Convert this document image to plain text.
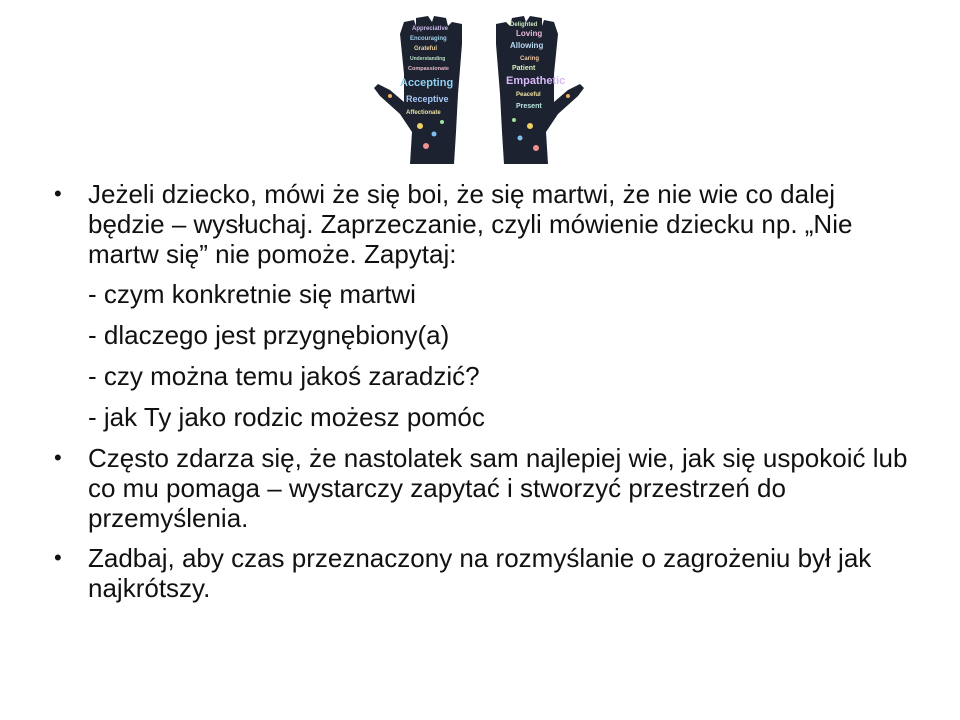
Appreciative
Encouraging
Grateful
Understanding
Compassionate
Accepting
Receptive
Affectionate
Delighted
Loving
Allowing
Caring
Patient
Empathetic
Peaceful
Present
• Jeżeli dziecko, mówi że się boi, że się martwi, że nie wie co dalej będzie – wysłuchaj. Zaprzeczanie, czyli mówienie dziecku np. „Nie martw się” nie pomoże. Zapytaj:
- czym konkretnie się martwi
- dlaczego jest przygnębiony(a)
- czy można temu jakoś zaradzić?
- jak Ty jako rodzic możesz pomóc
• Często zdarza się, że nastolatek sam najlepiej wie, jak się uspokoić lub co mu pomaga – wystarczy zapytać i stworzyć przestrzeń do przemyślenia.
• Zadbaj, aby czas przeznaczony na rozmyślanie o zagrożeniu był jak najkrótszy.
